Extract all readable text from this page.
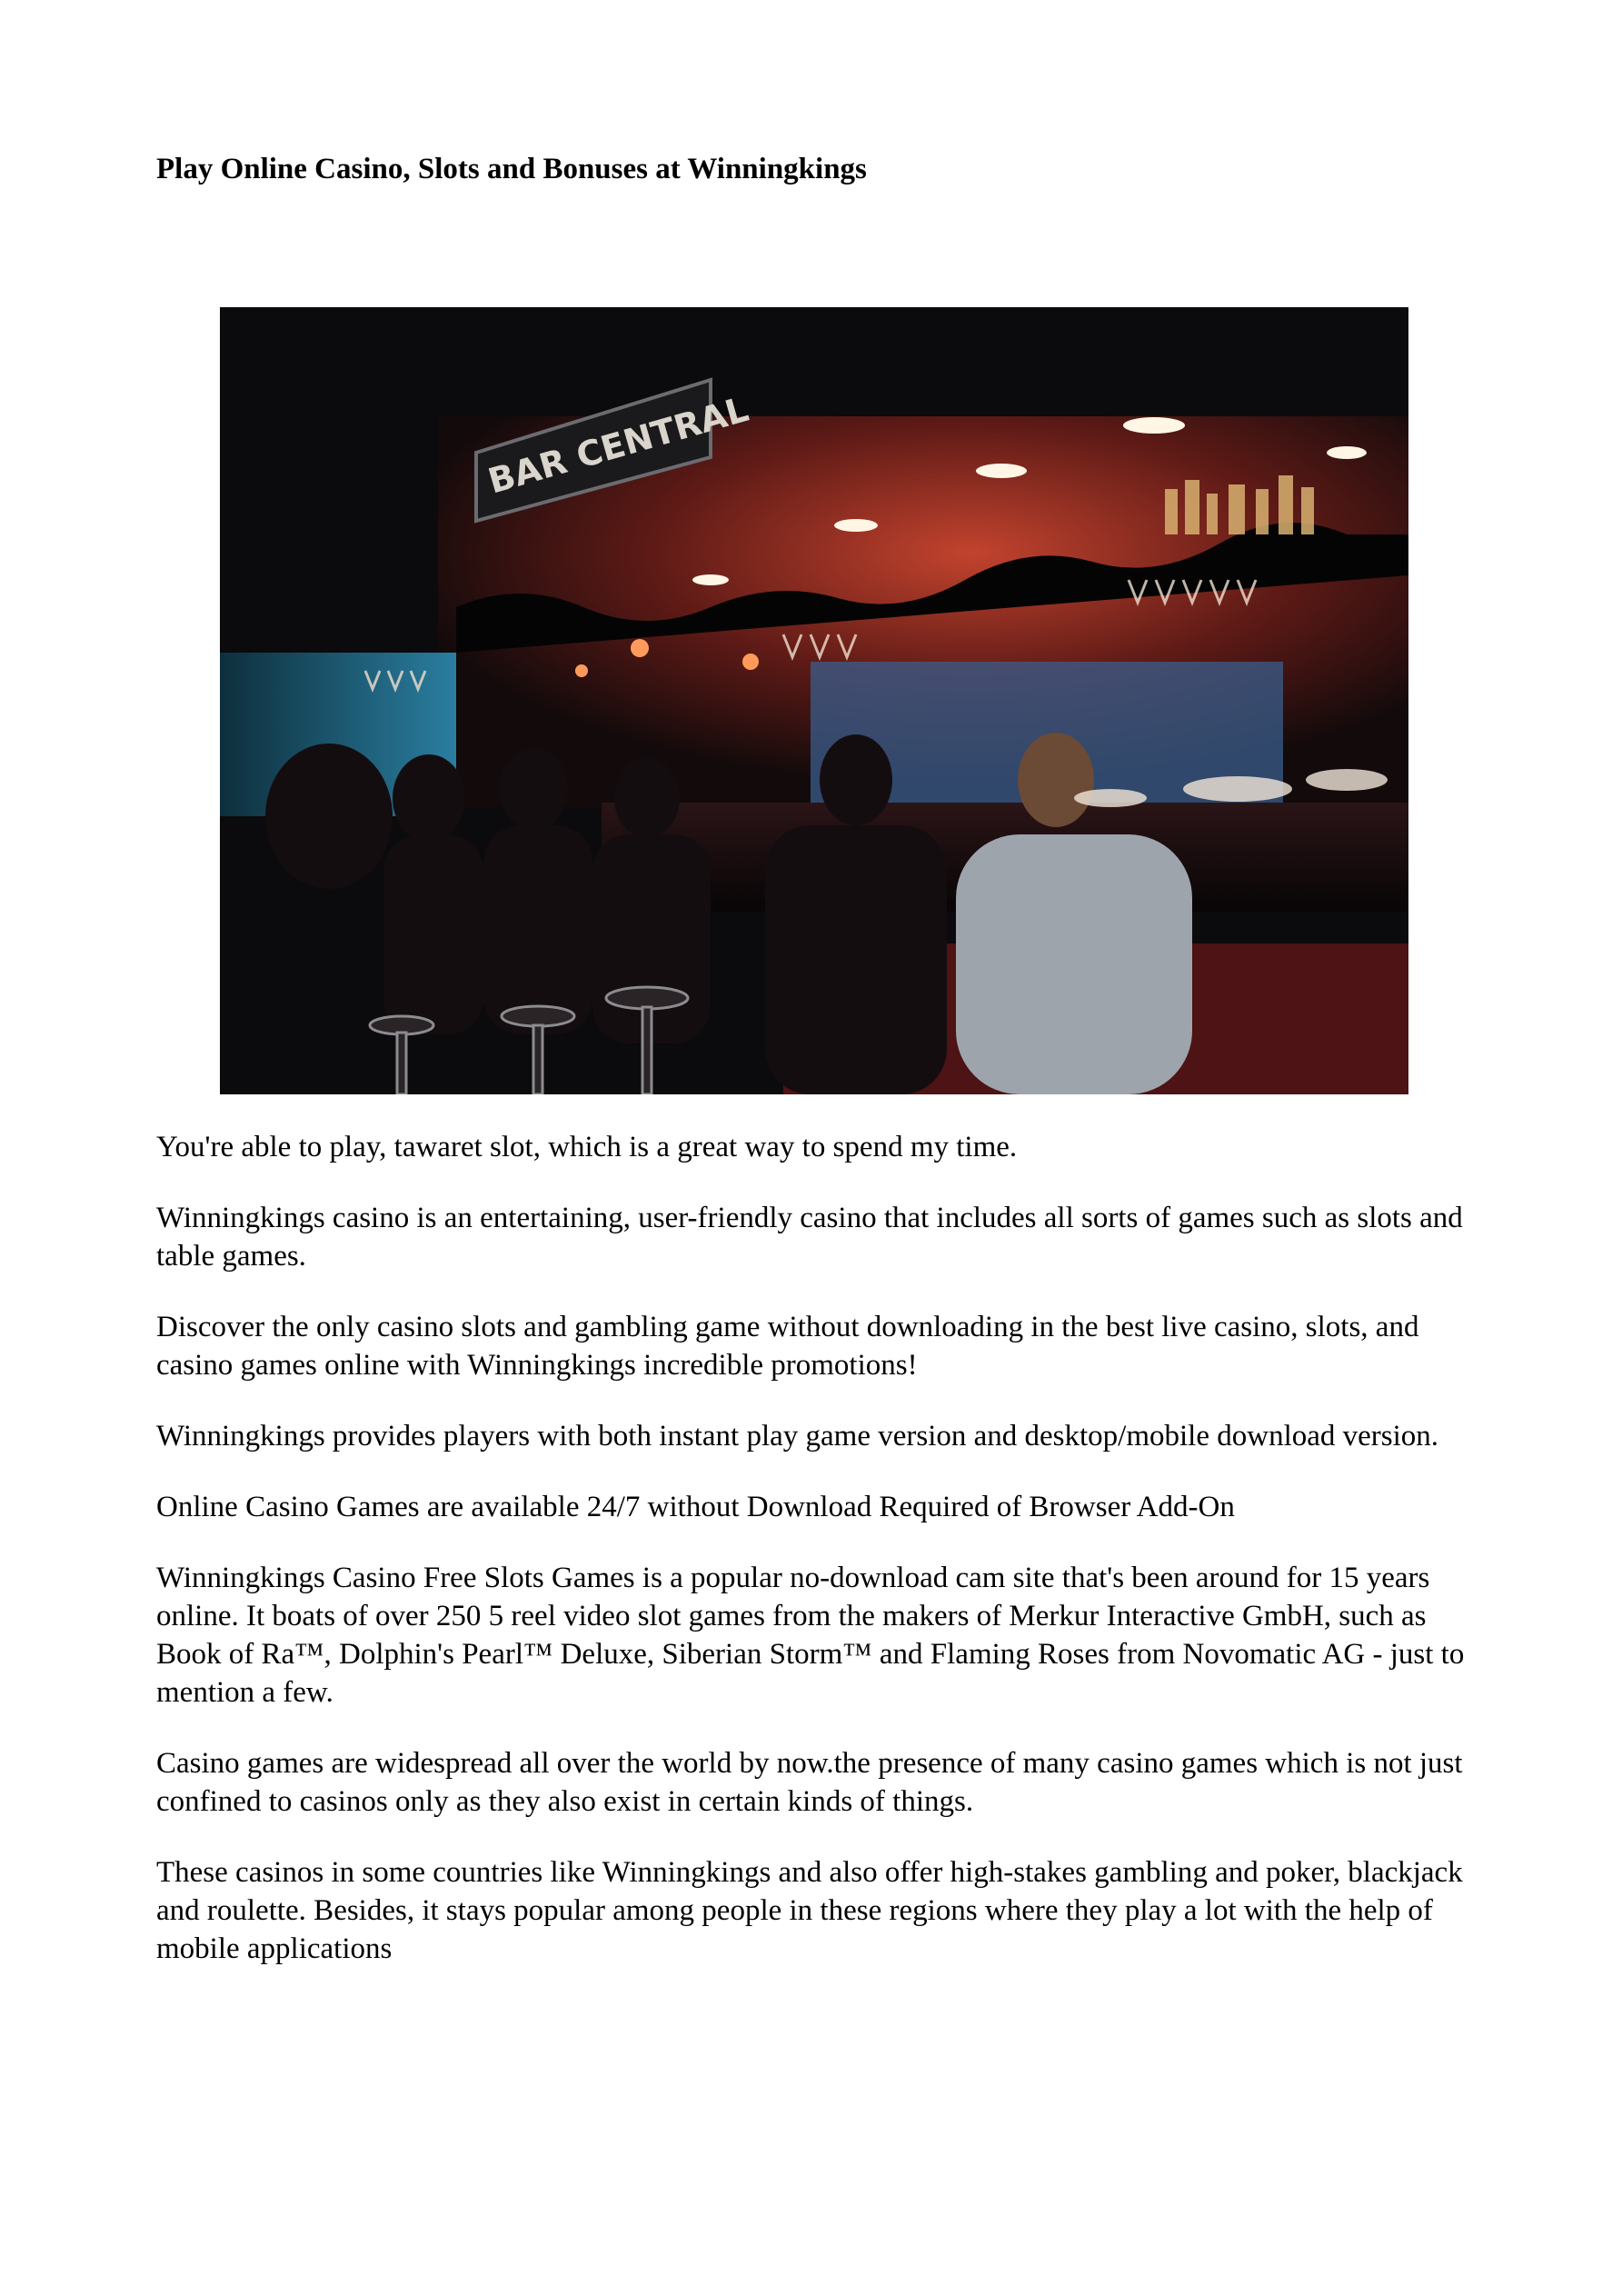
Play Online Casino, Slots and Bonuses at Winningkings
BAR CENTRAL

You're able to play, tawaret slot, which is a great way to spend my time.

Winningkings casino is an entertaining, user-friendly casino that includes all sorts of games such as slots and table games.

Discover the only casino slots and gambling game without downloading in the best live casino, slots, and casino games online with Winningkings incredible promotions!

Winningkings provides players with both instant play game version and desktop/mobile download version.

Online Casino Games are available 24/7 without Download Required of Browser Add-On

Winningkings Casino Free Slots Games is a popular no-download cam site that's been around for 15 years online. It boats of over 250 5 reel video slot games from the makers of Merkur Interactive GmbH, such as Book of Ra™, Dolphin's Pearl™ Deluxe, Siberian Storm™ and Flaming Roses from Novomatic AG - just to mention a few.

Casino games are widespread all over the world by now.the presence of many casino games which is not just confined to casinos only as they also exist in certain kinds of things.

These casinos in some countries like Winningkings and also offer high-stakes gambling and poker, blackjack and roulette. Besides, it stays popular among people in these regions where they play a lot with the help of mobile applications
